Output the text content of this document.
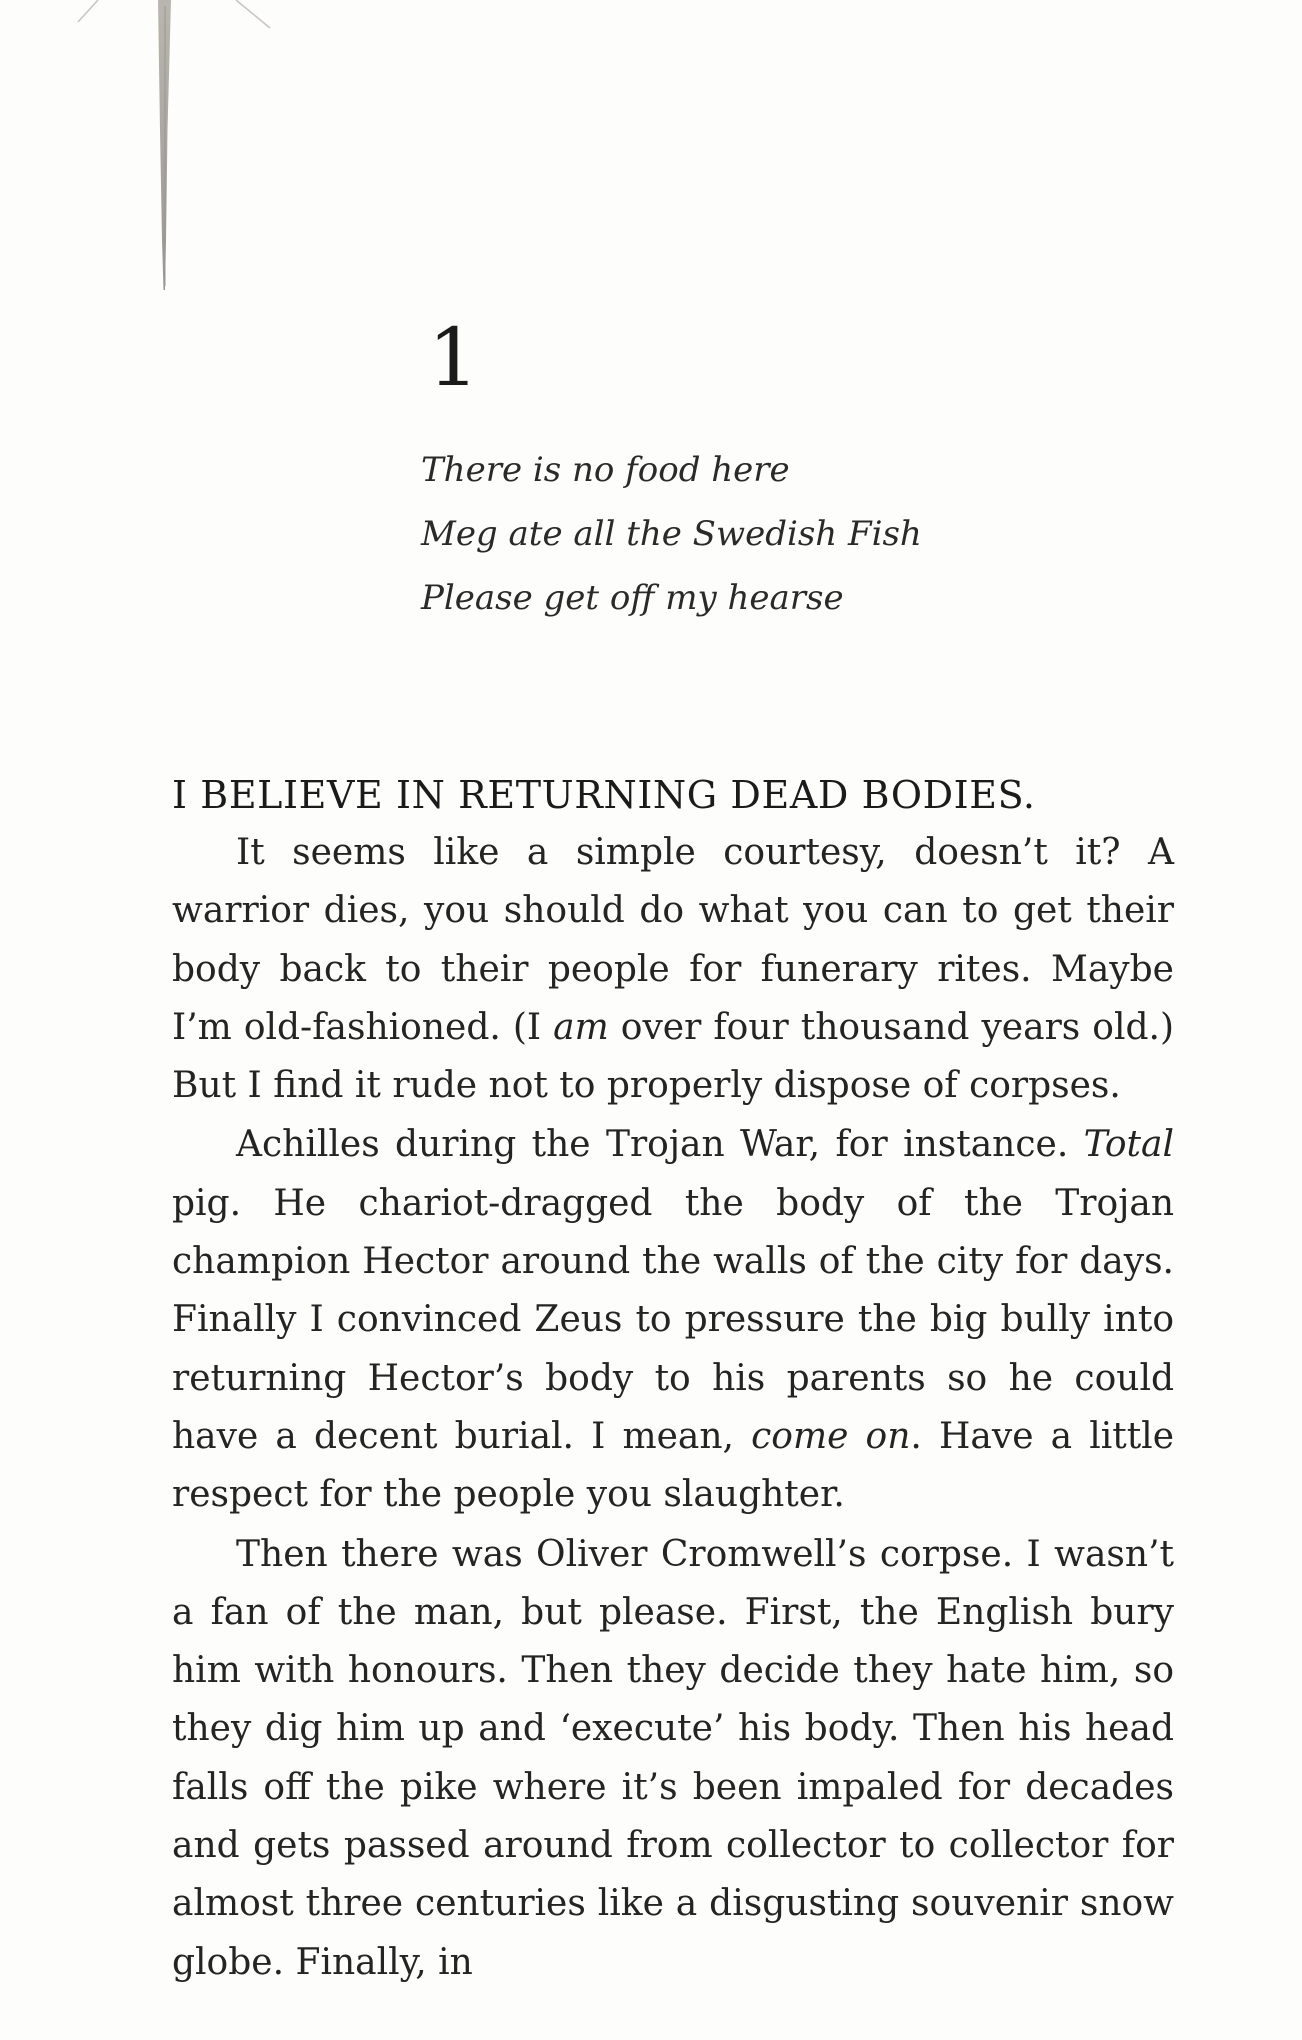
1
There is no food here
Meg ate all the Swedish Fish
Please get off my hearse

I BELIEVE IN RETURNING DEAD BODIES.

It seems like a simple courtesy, doesn’t it? A warrior dies, you should do what you can to get their body back to their people for funerary rites. Maybe I’m old-fashioned. (I am over four thousand years old.) But I find it rude not to properly dispose of corpses.

Achilles during the Trojan War, for instance. Total pig. He chariot-dragged the body of the Trojan champion Hector around the walls of the city for days. Finally I convinced Zeus to pressure the big bully into returning Hector’s body to his parents so he could have a decent burial. I mean, come on. Have a little respect for the people you slaughter.

Then there was Oliver Cromwell’s corpse. I wasn’t a fan of the man, but please. First, the English bury him with honours. Then they decide they hate him, so they dig him up and ‘execute’ his body. Then his head falls off the pike where it’s been impaled for decades and gets passed around from collector to collector for almost three centuries like a disgusting souvenir snow globe. Finally, in
